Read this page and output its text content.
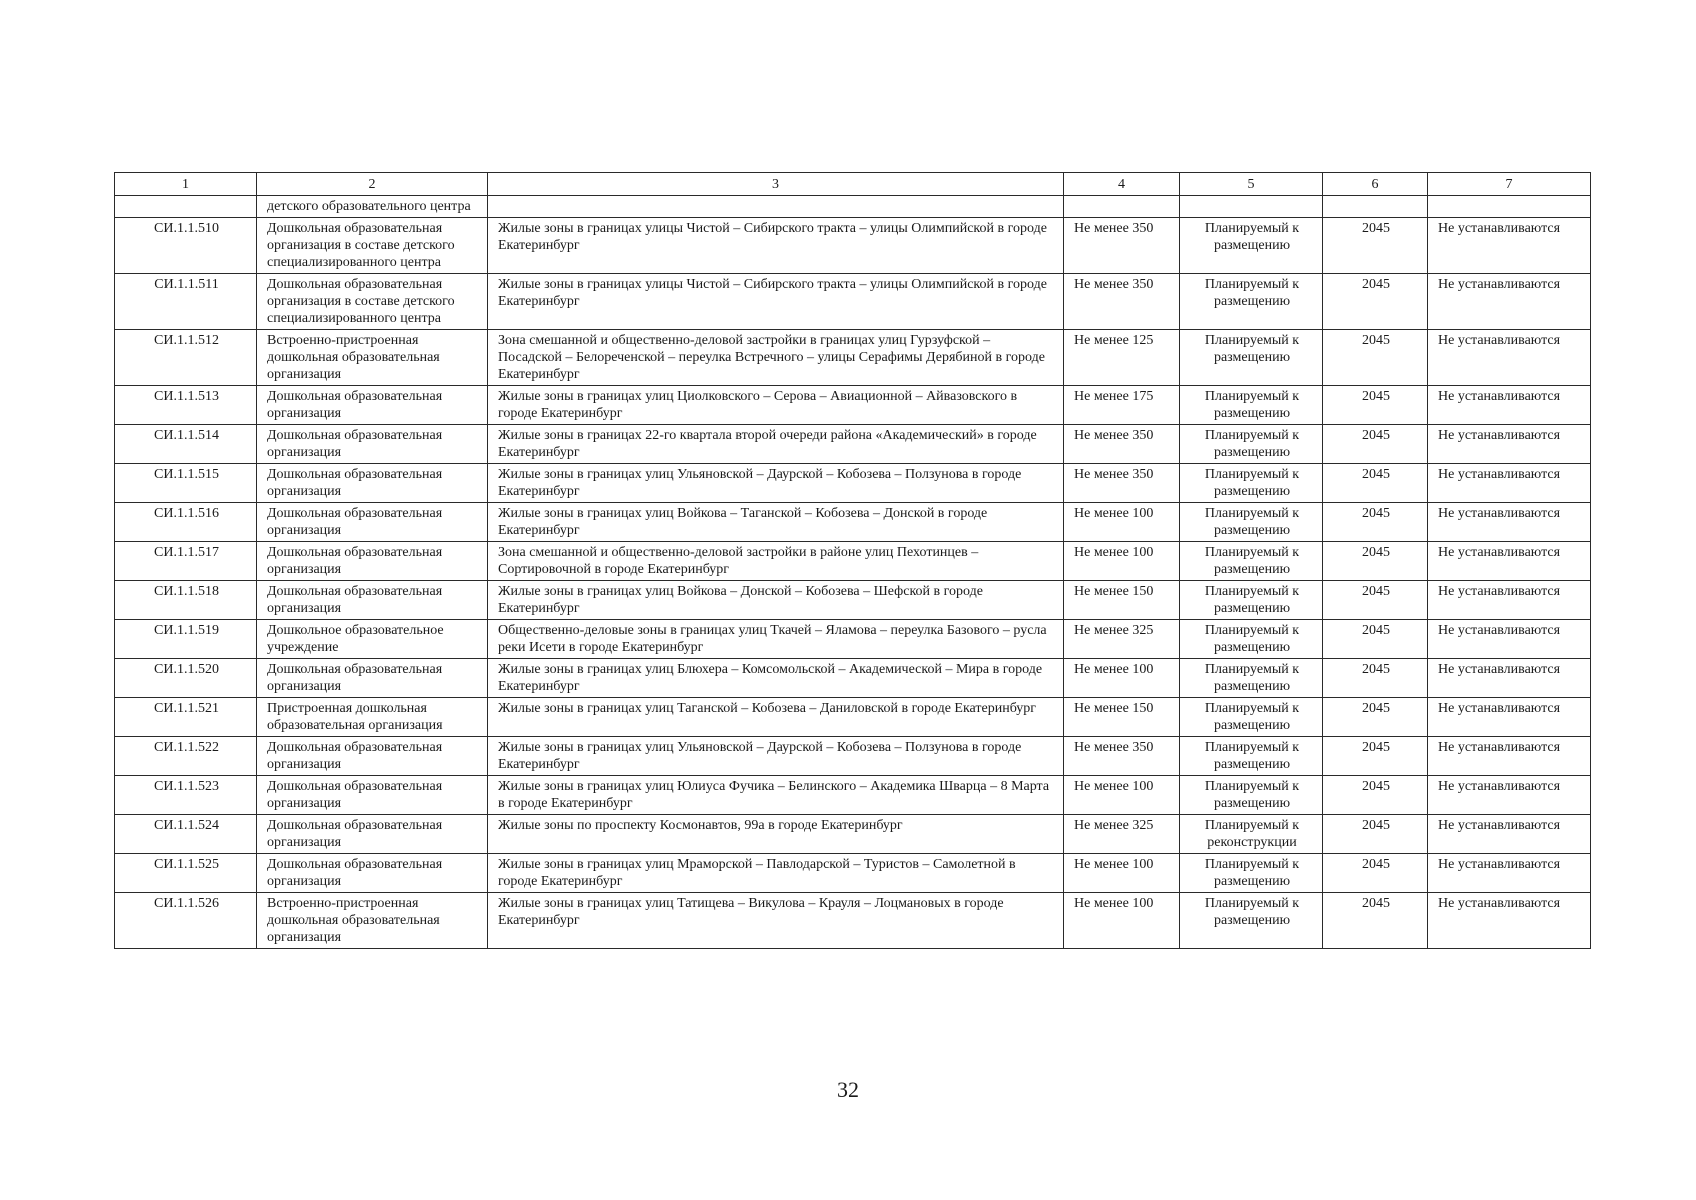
1	2	3	4	5	6	7
	детского образовательного центра					
СИ.1.1.510	Дошкольная образовательная организация в составе детского специализированного центра	Жилые зоны в границах улицы Чистой – Сибирского тракта – улицы Олимпийской в городе Екатеринбург	Не менее 350	Планируемый к размещению	2045	Не устанавливаются
СИ.1.1.511	Дошкольная образовательная организация в составе детского специализированного центра	Жилые зоны в границах улицы Чистой – Сибирского тракта – улицы Олимпийской в городе Екатеринбург	Не менее 350	Планируемый к размещению	2045	Не устанавливаются
СИ.1.1.512	Встроенно-пристроенная дошкольная образовательная организация	Зона смешанной и общественно-деловой застройки в границах улиц Гурзуфской – Посадской – Белореченской – переулка Встречного – улицы Серафимы Дерябиной в городе Екатеринбург	Не менее 125	Планируемый к размещению	2045	Не устанавливаются
СИ.1.1.513	Дошкольная образовательная организация	Жилые зоны в границах улиц Циолковского – Серова – Авиационной – Айвазовского в городе Екатеринбург	Не менее 175	Планируемый к размещению	2045	Не устанавливаются
СИ.1.1.514	Дошкольная образовательная организация	Жилые зоны в границах 22-го квартала второй очереди района «Академический» в городе Екатеринбург	Не менее 350	Планируемый к размещению	2045	Не устанавливаются
СИ.1.1.515	Дошкольная образовательная организация	Жилые зоны в границах улиц Ульяновской – Даурской – Кобозева – Ползунова в городе Екатеринбург	Не менее 350	Планируемый к размещению	2045	Не устанавливаются
СИ.1.1.516	Дошкольная образовательная организация	Жилые зоны в границах улиц Войкова – Таганской – Кобозева – Донской в городе Екатеринбург	Не менее 100	Планируемый к размещению	2045	Не устанавливаются
СИ.1.1.517	Дошкольная образовательная организация	Зона смешанной и общественно-деловой застройки в районе улиц Пехотинцев – Сортировочной в городе Екатеринбург	Не менее 100	Планируемый к размещению	2045	Не устанавливаются
СИ.1.1.518	Дошкольная образовательная организация	Жилые зоны в границах улиц Войкова – Донской – Кобозева – Шефской в городе Екатеринбург	Не менее 150	Планируемый к размещению	2045	Не устанавливаются
СИ.1.1.519	Дошкольное образовательное учреждение	Общественно-деловые зоны в границах улиц Ткачей – Яламова – переулка Базового – русла реки Исети в городе Екатеринбург	Не менее 325	Планируемый к размещению	2045	Не устанавливаются
СИ.1.1.520	Дошкольная образовательная организация	Жилые зоны в границах улиц Блюхера – Комсомольской – Академической – Мира в городе Екатеринбург	Не менее 100	Планируемый к размещению	2045	Не устанавливаются
СИ.1.1.521	Пристроенная дошкольная образовательная организация	Жилые зоны в границах улиц Таганской – Кобозева – Даниловской в городе Екатеринбург	Не менее 150	Планируемый к размещению	2045	Не устанавливаются
СИ.1.1.522	Дошкольная образовательная организация	Жилые зоны в границах улиц Ульяновской – Даурской – Кобозева – Ползунова в городе Екатеринбург	Не менее 350	Планируемый к размещению	2045	Не устанавливаются
СИ.1.1.523	Дошкольная образовательная организация	Жилые зоны в границах улиц Юлиуса Фучика – Белинского – Академика Шварца – 8 Марта в городе Екатеринбург	Не менее 100	Планируемый к размещению	2045	Не устанавливаются
СИ.1.1.524	Дошкольная образовательная организация	Жилые зоны по проспекту Космонавтов, 99а в городе Екатеринбург	Не менее 325	Планируемый к реконструкции	2045	Не устанавливаются
СИ.1.1.525	Дошкольная образовательная организация	Жилые зоны в границах улиц Мраморской – Павлодарской – Туристов – Самолетной в городе Екатеринбург	Не менее 100	Планируемый к размещению	2045	Не устанавливаются
СИ.1.1.526	Встроенно-пристроенная дошкольная образовательная организация	Жилые зоны в границах улиц Татищева – Викулова – Крауля – Лоцмановых в городе Екатеринбург	Не менее 100	Планируемый к размещению	2045	Не устанавливаются
32
